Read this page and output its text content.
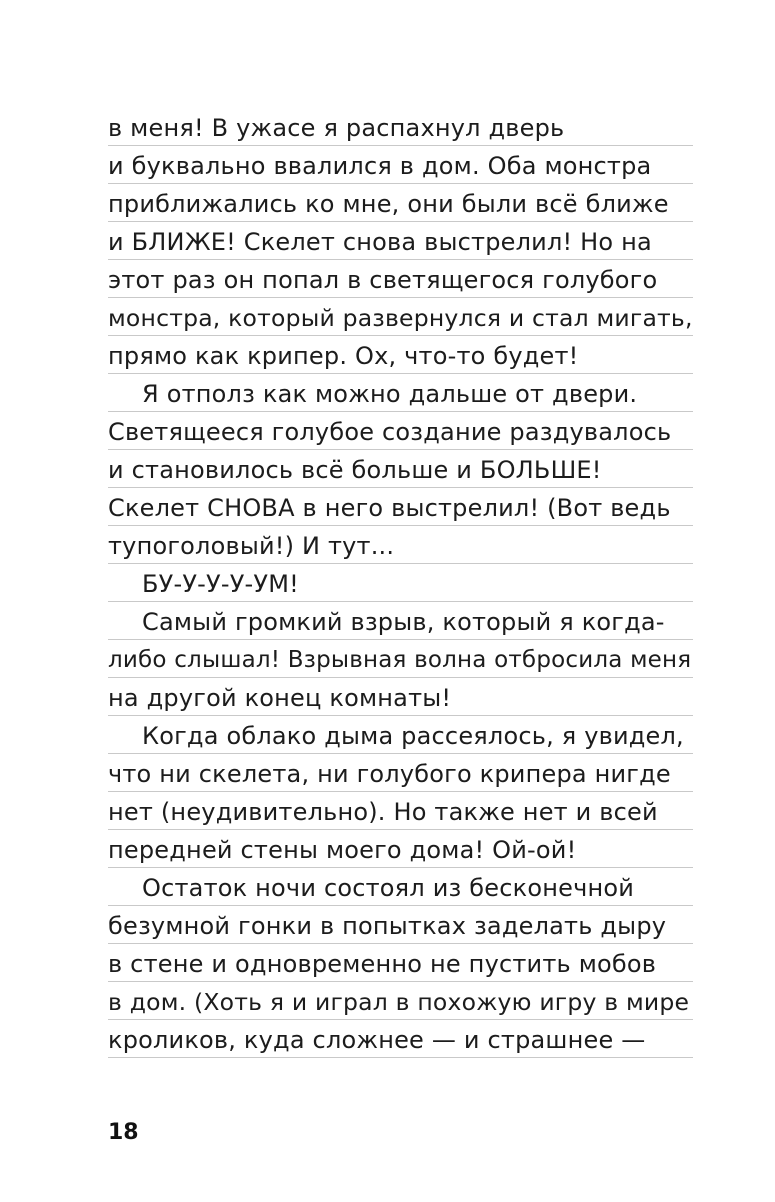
в меня! В ужасе я распахнул дверь
и буквально ввалился в дом. Оба монстра
приближались ко мне, они были всё ближе
и БЛИЖЕ! Скелет снова выстрелил! Но на
этот раз он попал в светящегося голубого
монстра, который развернулся и стал мигать,
прямо как крипер. Ох, что-то будет!
Я отполз как можно дальше от двери.
Светящееся голубое создание раздувалось
и становилось всё больше и БОЛЬШЕ!
Скелет СНОВА в него выстрелил! (Вот ведь
тупоголовый!) И тут...
БУ-У-У-У-УМ!
Самый громкий взрыв, который я когда-
либо слышал! Взрывная волна отбросила меня
на другой конец комнаты!
Когда облако дыма рассеялось, я увидел,
что ни скелета, ни голубого крипера нигде
нет (неудивительно). Но также нет и всей
передней стены моего дома! Ой-ой!
Остаток ночи состоял из бесконечной
безумной гонки в попытках заделать дыру
в стене и одновременно не пустить мобов
в дом. (Хоть я и играл в похожую игру в мире
кроликов, куда сложнее — и страшнее —
18
